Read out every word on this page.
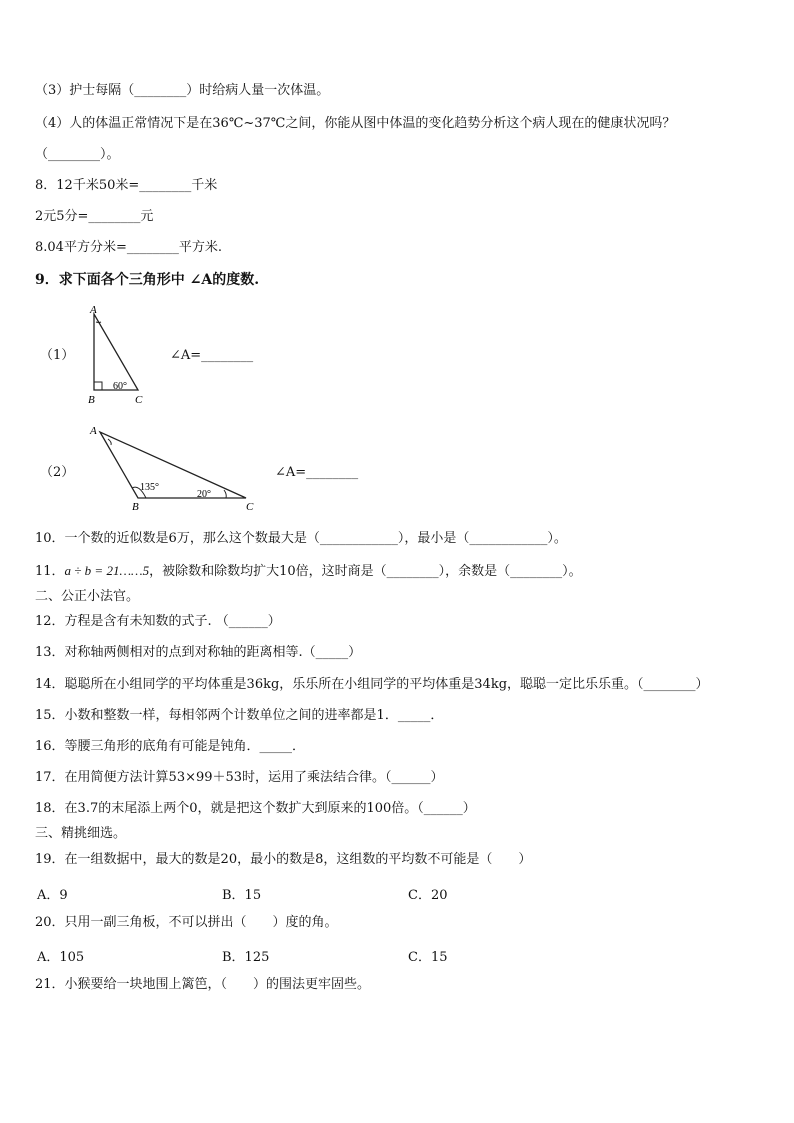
（3）护士每隔（________）时给病人量一次体温。
（4）人的体温正常情况下是在36℃~37℃之间，你能从图中体温的变化趋势分析这个病人现在的健康状况吗？
（________）。
8．12千米50米=________千米
2元5分=________元
8.04平方分米=________平方米.
9．求下面各个三角形中 ∠A的度数.
（1）
A
B	C
60°
∠A=________
（2）
A
B	C
135°
20°
∠A=________
10．一个数的近似数是6万，那么这个数最大是（____________），最小是（____________）。
11．a ÷ b = 21……5，被除数和除数均扩大10倍，这时商是（________），余数是（________）。
二、公正小法官。
12．方程是含有未知数的式子. （______）
13．对称轴两侧相对的点到对称轴的距离相等.（_____）
14．聪聪所在小组同学的平均体重是36kg，乐乐所在小组同学的平均体重是34kg，聪聪一定比乐乐重。（________）
15．小数和整数一样，每相邻两个计数单位之间的进率都是1．_____．
16．等腰三角形的底角有可能是钝角．_____．
17．在用简便方法计算53×99＋53时，运用了乘法结合律。（______）
18．在3.7的末尾添上两个0，就是把这个数扩大到原来的100倍。（______）
三、精挑细选。
19．在一组数据中，最大的数是20，最小的数是8，这组数的平均数不可能是（　　）
A．9	B．15	C．20
20．只用一副三角板，不可以拼出（　　）度的角。
A．105	B．125	C．15
21．小猴要给一块地围上篱笆，（　　）的围法更牢固些。
